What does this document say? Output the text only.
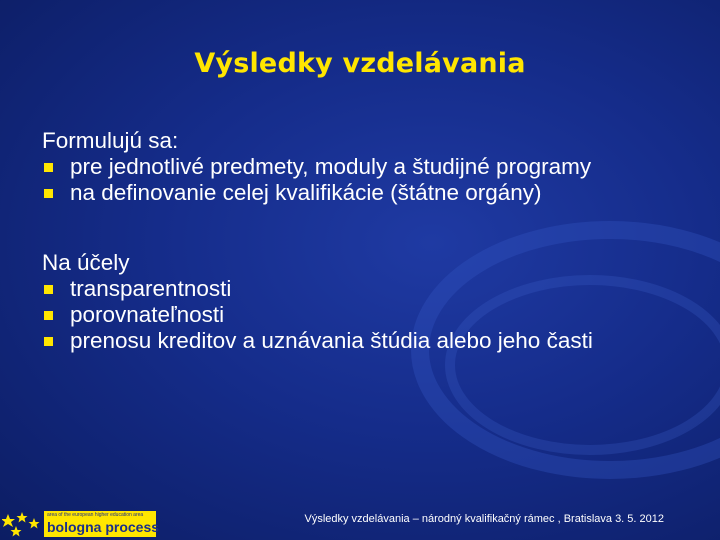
Výsledky vzdelávania
Formulujú sa:
pre jednotlivé predmety, moduly a študijné programy
na definovanie celej kvalifikácie (štátne orgány)
Na účely
transparentnosti
porovnateľnosti
prenosu kreditov a uznávania štúdia alebo jeho časti
area of the european higher education area
bologna process	Výsledky vzdelávania – národný kvalifikačný rámec , Bratislava 3. 5. 2012
